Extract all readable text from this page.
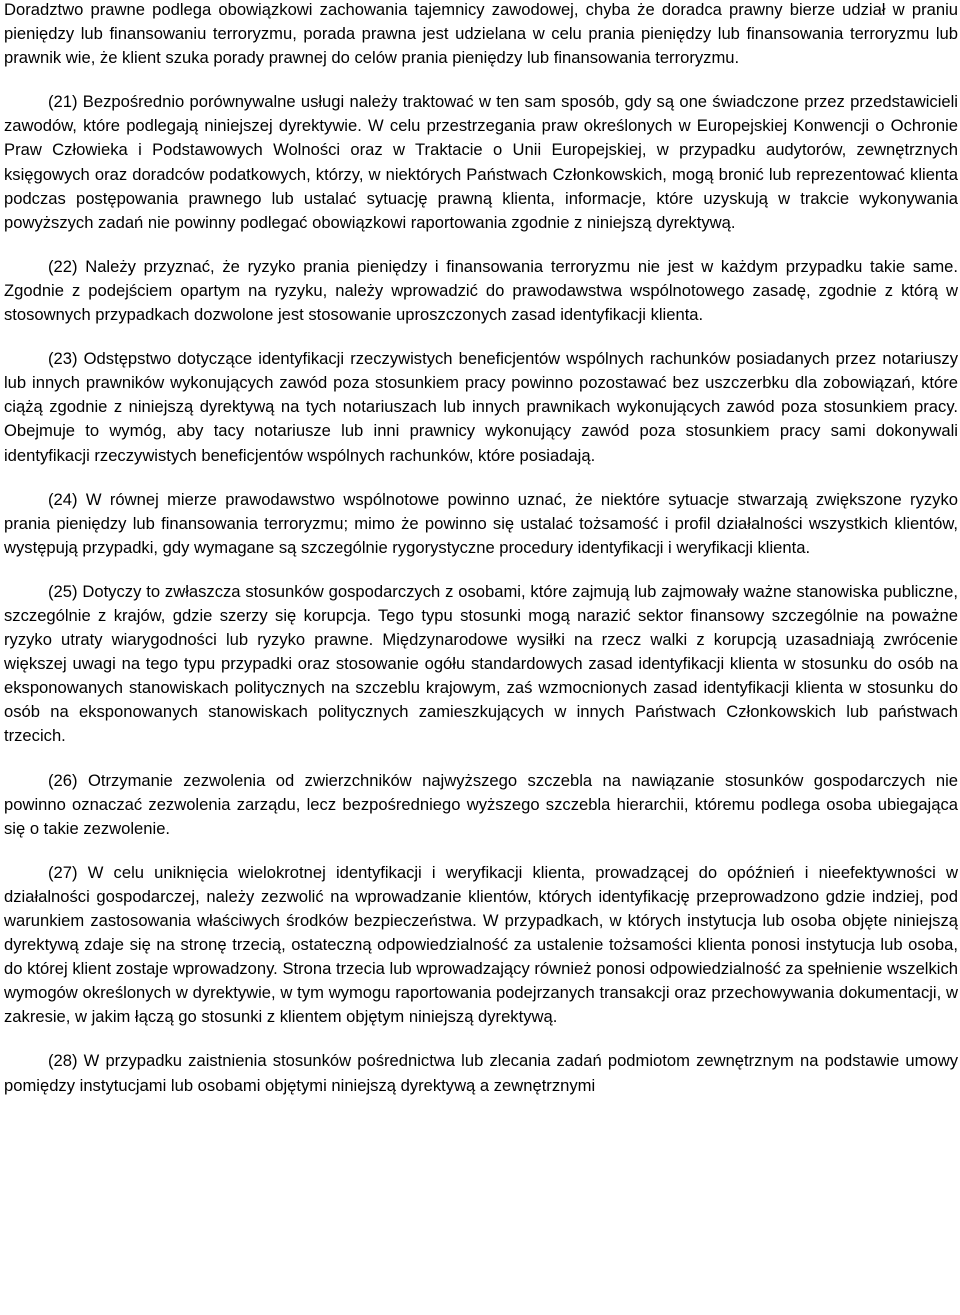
Doradztwo prawne podlega obowiązkowi zachowania tajemnicy zawodowej, chyba że doradca prawny bierze udział w praniu pieniędzy lub finansowaniu terroryzmu, porada prawna jest udzielana w celu prania pieniędzy lub finansowania terroryzmu lub prawnik wie, że klient szuka porady prawnej do celów prania pieniędzy lub finansowania terroryzmu.

(21) Bezpośrednio porównywalne usługi należy traktować w ten sam sposób, gdy są one świadczone przez przedstawicieli zawodów, które podlegają niniejszej dyrektywie. W celu przestrzegania praw określonych w Europejskiej Konwencji o Ochronie Praw Człowieka i Podstawowych Wolności oraz w Traktacie o Unii Europejskiej, w przypadku audytorów, zewnętrznych księgowych oraz doradców podatkowych, którzy, w niektórych Państwach Członkowskich, mogą bronić lub reprezentować klienta podczas postępowania prawnego lub ustalać sytuację prawną klienta, informacje, które uzyskują w trakcie wykonywania powyższych zadań nie powinny podlegać obowiązkowi raportowania zgodnie z niniejszą dyrektywą.

(22) Należy przyznać, że ryzyko prania pieniędzy i finansowania terroryzmu nie jest w każdym przypadku takie same. Zgodnie z podejściem opartym na ryzyku, należy wprowadzić do prawodawstwa wspólnotowego zasadę, zgodnie z którą w stosownych przypadkach dozwolone jest stosowanie uproszczonych zasad identyfikacji klienta.

(23) Odstępstwo dotyczące identyfikacji rzeczywistych beneficjentów wspólnych rachunków posiadanych przez notariuszy lub innych prawników wykonujących zawód poza stosunkiem pracy powinno pozostawać bez uszczerbku dla zobowiązań, które ciążą zgodnie z niniejszą dyrektywą na tych notariuszach lub innych prawnikach wykonujących zawód poza stosunkiem pracy. Obejmuje to wymóg, aby tacy notariusze lub inni prawnicy wykonujący zawód poza stosunkiem pracy sami dokonywali identyfikacji rzeczywistych beneficjentów wspólnych rachunków, które posiadają.

(24) W równej mierze prawodawstwo wspólnotowe powinno uznać, że niektóre sytuacje stwarzają zwiększone ryzyko prania pieniędzy lub finansowania terroryzmu; mimo że powinno się ustalać tożsamość i profil działalności wszystkich klientów, występują przypadki, gdy wymagane są szczególnie rygorystyczne procedury identyfikacji i weryfikacji klienta.

(25) Dotyczy to zwłaszcza stosunków gospodarczych z osobami, które zajmują lub zajmowały ważne stanowiska publiczne, szczególnie z krajów, gdzie szerzy się korupcja. Tego typu stosunki mogą narazić sektor finansowy szczególnie na poważne ryzyko utraty wiarygodności lub ryzyko prawne. Międzynarodowe wysiłki na rzecz walki z korupcją uzasadniają zwrócenie większej uwagi na tego typu przypadki oraz stosowanie ogółu standardowych zasad identyfikacji klienta w stosunku do osób na eksponowanych stanowiskach politycznych na szczeblu krajowym, zaś wzmocnionych zasad identyfikacji klienta w stosunku do osób na eksponowanych stanowiskach politycznych zamieszkujących w innych Państwach Członkowskich lub państwach trzecich.

(26) Otrzymanie zezwolenia od zwierzchników najwyższego szczebla na nawiązanie stosunków gospodarczych nie powinno oznaczać zezwolenia zarządu, lecz bezpośredniego wyższego szczebla hierarchii, któremu podlega osoba ubiegająca się o takie zezwolenie.

(27) W celu uniknięcia wielokrotnej identyfikacji i weryfikacji klienta, prowadzącej do opóźnień i nieefektywności w działalności gospodarczej, należy zezwolić na wprowadzanie klientów, których identyfikację przeprowadzono gdzie indziej, pod warunkiem zastosowania właściwych środków bezpieczeństwa. W przypadkach, w których instytucja lub osoba objęte niniejszą dyrektywą zdaje się na stronę trzecią, ostateczną odpowiedzialność za ustalenie tożsamości klienta ponosi instytucja lub osoba, do której klient zostaje wprowadzony. Strona trzecia lub wprowadzający również ponosi odpowiedzialność za spełnienie wszelkich wymogów określonych w dyrektywie, w tym wymogu raportowania podejrzanych transakcji oraz przechowywania dokumentacji, w zakresie, w jakim łączą go stosunki z klientem objętym niniejszą dyrektywą.

(28) W przypadku zaistnienia stosunków pośrednictwa lub zlecania zadań podmiotom zewnętrznym na podstawie umowy pomiędzy instytucjami lub osobami objętymi niniejszą dyrektywą a zewnętrznymi
